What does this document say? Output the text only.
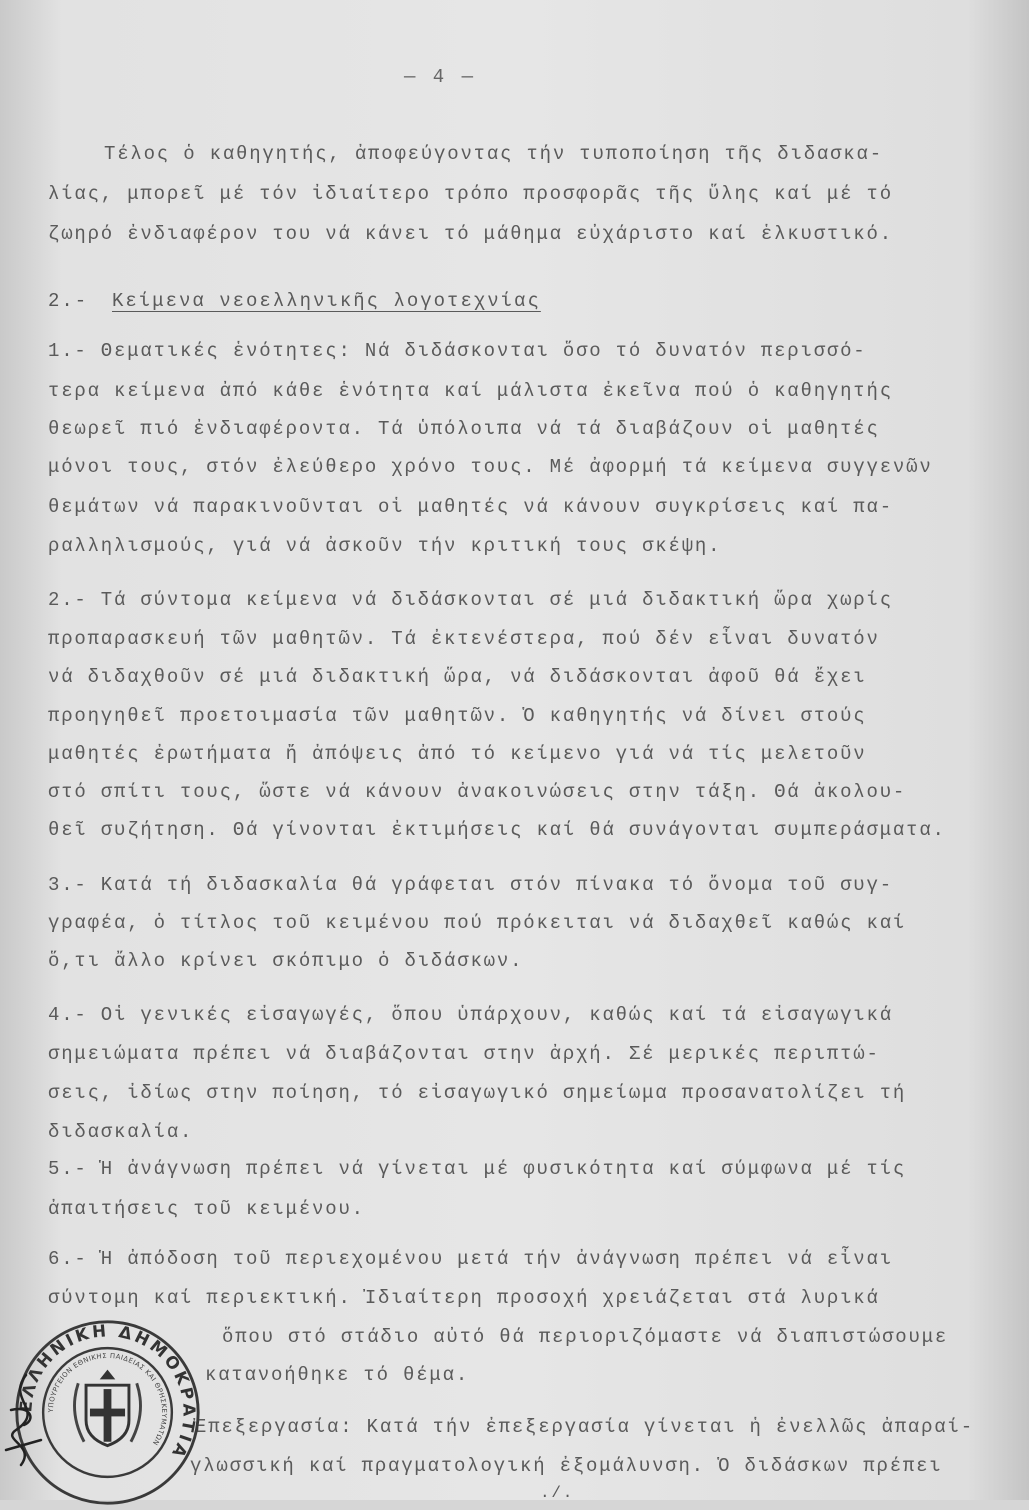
— 4 —
Τέλος ὁ καθηγητής, ἀποφεύγοντας τήν τυποποίηση τῆς διδασκα-
λίας, μπορεῖ μέ τόν ἰδιαίτερο τρόπο προσφορᾶς τῆς ὕλης καί μέ τό
ζωηρό ἐνδιαφέρον του νά κάνει τό μάθημα εὐχάριστο καί ἑλκυστικό.
2.- Κείμενα νεοελληνικῆς λογοτεχνίας
1.- Θεματικές ἑνότητες: Νά διδάσκονται ὅσο τό δυνατόν περισσό-
τερα κείμενα ἀπό κάθε ἑνότητα καί μάλιστα ἐκεῖνα πού ὁ καθηγητής
θεωρεῖ πιό ἐνδιαφέροντα. Τά ὑπόλοιπα νά τά διαβάζουν οἱ μαθητές
μόνοι τους, στόν ἐλεύθερο χρόνο τους. Μέ ἀφορμή τά κείμενα συγγενῶν
θεμάτων νά παρακινοῦνται οἱ μαθητές νά κάνουν συγκρίσεις καί πα-
ραλληλισμούς, γιά νά ἀσκοῦν τήν κριτική τους σκέψη.
2.- Τά σύντομα κείμενα νά διδάσκονται σέ μιά διδακτική ὥρα χωρίς
προπαρασκευή τῶν μαθητῶν. Τά ἐκτενέστερα, πού δέν εἶναι δυνατόν
νά διδαχθοῦν σέ μιά διδακτική ὥρα, νά διδάσκονται ἀφοῦ θά ἔχει
προηγηθεῖ προετοιμασία τῶν μαθητῶν. Ὁ καθηγητής νά δίνει στούς
μαθητές ἐρωτήματα ἤ ἀπόψεις ἀπό τό κείμενο γιά νά τίς μελετοῦν
στό σπίτι τους, ὥστε νά κάνουν ἀνακοινώσεις στην τάξη. Θά ἀκολου-
θεῖ συζήτηση. Θά γίνονται ἐκτιμήσεις καί θά συνάγονται συμπεράσματα.
3.- Κατά τή διδασκαλία θά γράφεται στόν πίνακα τό ὄνομα τοῦ συγ-
γραφέα, ὁ τίτλος τοῦ κειμένου πού πρόκειται νά διδαχθεῖ καθώς καί
ὅ,τι ἄλλο κρίνει σκόπιμο ὁ διδάσκων.
4.- Οἱ γενικές εἰσαγωγές, ὅπου ὑπάρχουν, καθώς καί τά εἰσαγωγικά
σημειώματα πρέπει νά διαβάζονται στην ἀρχή. Σέ μερικές περιπτώ-
σεις, ἰδίως στην ποίηση, τό εἰσαγωγικό σημείωμα προσανατολίζει τή
διδασκαλία.
5.- Ἡ ἀνάγνωση πρέπει νά γίνεται μέ φυσικότητα καί σύμφωνα μέ τίς
ἀπαιτήσεις τοῦ κειμένου.
6.- Ἡ ἀπόδοση τοῦ περιεχομένου μετά τήν ἀνάγνωση πρέπει νά εἶναι
σύντομη καί περιεκτική. Ἰδιαίτερη προσοχή χρειάζεται στά λυρικά
ὅπου στό στάδιο αὐτό θά περιοριζόμαστε νά διαπιστώσουμε
κατανοήθηκε τό θέμα.
Ἐπεξεργασία: Κατά τήν ἐπεξεργασία γίνεται ἡ ἐνελλῶς ἀπαραί-
γλωσσική καί πραγματολογική ἐξομάλυνση. Ὁ διδάσκων πρέπει
./.
ΕΛΛΗΝΙΚΗ ΔΗΜΟΚΡΑΤΙΑ
ΥΠΟΥΡΓΕΙΟΝ ΕΘΝΙΚΗΣ ΠΑΙΔΕΙΑΣ ΚΑΙ ΘΡΗΣΚΕΥΜΑΤΩΝ
